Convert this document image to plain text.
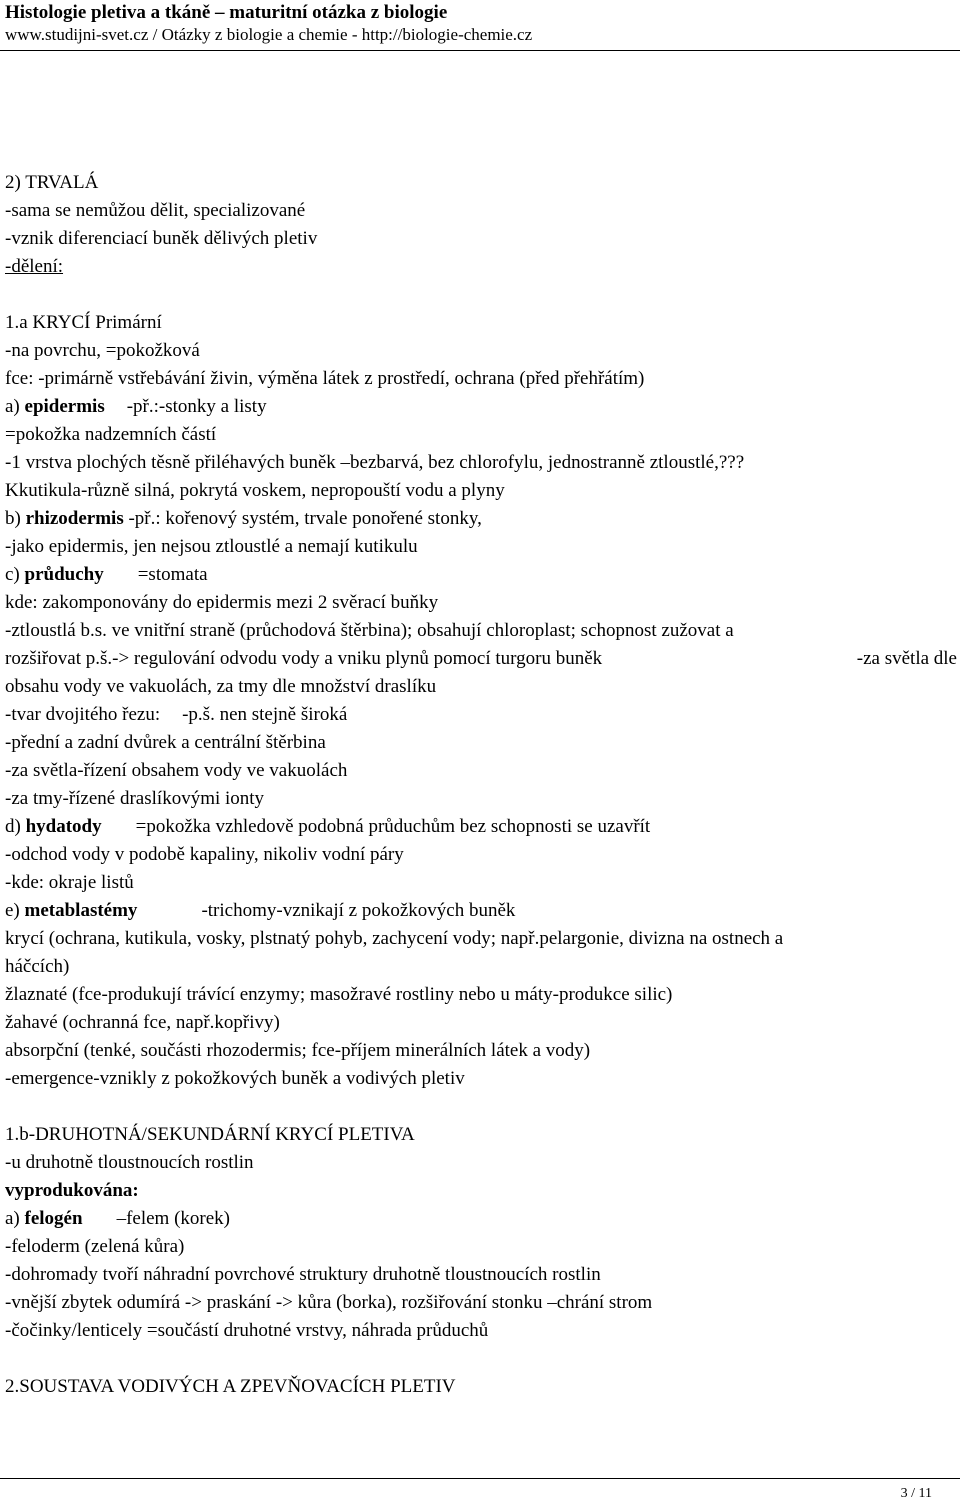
Histologie pletiva a tkáně – maturitní otázka z biologie
www.studijni-svet.cz / Otázky z biologie a chemie - http://biologie-chemie.cz
2) TRVALÁ
-sama se nemůžou dělit, specializované
-vznik diferenciací buněk dělivých pletiv
-dělení:
1.a KRYCÍ Primární
-na povrchu, =pokožková
fce: -primárně vstřebávání živin, výměna látek z prostředí, ochrana (před přehřátím)
a) epidermis -př.:-stonky a listy
=pokožka nadzemních částí
-1 vrstva plochých těsně přiléhavých buněk –bezbarvá, bez chlorofylu, jednostranně ztloustlé,???
Kkutikula-různě silná, pokrytá voskem, nepropouští vodu a plyny
b) rhizodermis -př.: kořenový systém, trvale ponořené stonky,
-jako epidermis, jen nejsou ztloustlé a nemají kutikulu
c) průduchy =stomata
kde: zakomponovány do epidermis mezi 2 svěrací buňky
-ztloustlá b.s. ve vnitřní straně (průchodová štěrbina); obsahují chloroplast; schopnost zužovat a
rozšiřovat p.š.-> regulování odvodu vody a vniku plynů pomocí turgoru buněk	-za světla dle
obsahu vody ve vakuolách, za tmy dle množství draslíku
-tvar dvojitého řezu: -p.š. nen stejně široká
-přední a zadní dvůrek a centrální štěrbina
-za světla-řízení obsahem vody ve vakuolách
-za tmy-řízené draslíkovými ionty
d) hydatody =pokožka vzhledově podobná průduchům bez schopnosti se uzavřít
-odchod vody v podobě kapaliny, nikoliv vodní páry
-kde: okraje listů
e) metablastémy	-trichomy-vznikají z pokožkových buněk
krycí (ochrana, kutikula, vosky, plstnatý pohyb, zachycení vody; např.pelargonie, divizna na ostnech a
háčcích)
žlaznaté (fce-produkují trávící enzymy; masožravé rostliny nebo u máty-produkce silic)
žahavé (ochranná fce, např.kopřivy)
absorpční (tenké, součásti rhozodermis; fce-příjem minerálních látek a vody)
-emergence-vznikly z pokožkových buněk a vodivých pletiv
1.b-DRUHOTNÁ/SEKUNDÁRNÍ KRYCÍ PLETIVA
-u druhotně tloustnoucích rostlin
vyprodukována:
a) felogén –felem (korek)
-feloderm (zelená kůra)
-dohromady tvoří náhradní povrchové struktury druhotně tloustnoucích rostlin
-vnější zbytek odumírá -> praskání -> kůra (borka), rozšiřování stonku –chrání strom
-čočinky/lenticely =součástí druhotné vrstvy, náhrada průduchů
2.SOUSTAVA VODIVÝCH A ZPEVŇOVACÍCH PLETIV
3 / 11
